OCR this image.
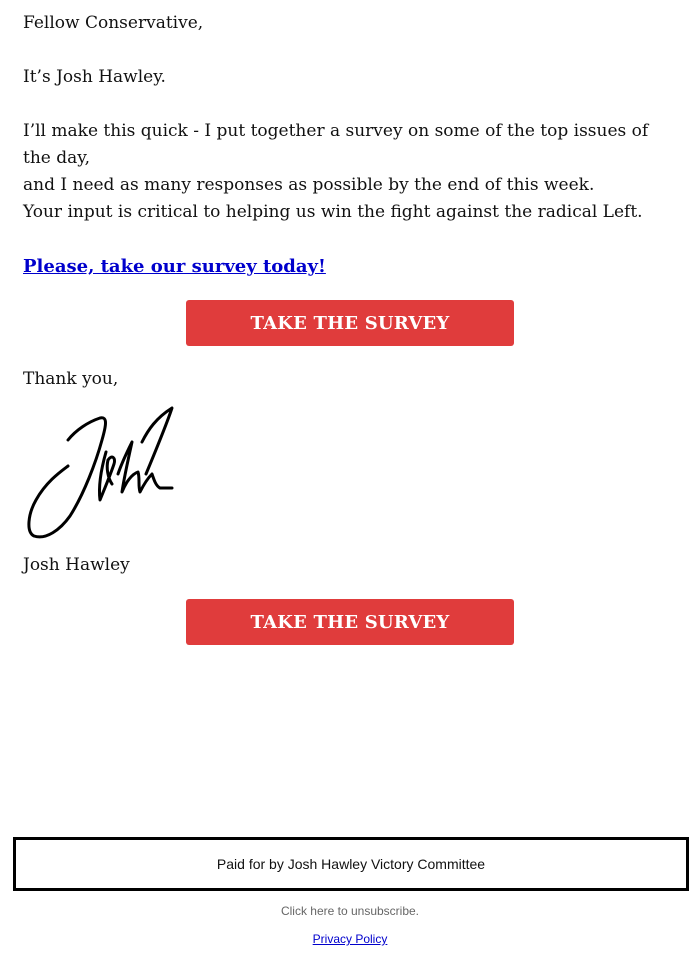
Fellow Conservative,

It’s Josh Hawley.

I’ll make this quick - I put together a survey on some of the top issues of the day,
and I need as many responses as possible by the end of this week.

Your input is critical to helping us win the fight against the radical Left.

Please, take our survey today!
TAKE THE SURVEY

Thank you,

Josh Hawley

TAKE THE SURVEY
Paid for by Josh Hawley Victory Committee
Click here to unsubscribe.
Privacy Policy
